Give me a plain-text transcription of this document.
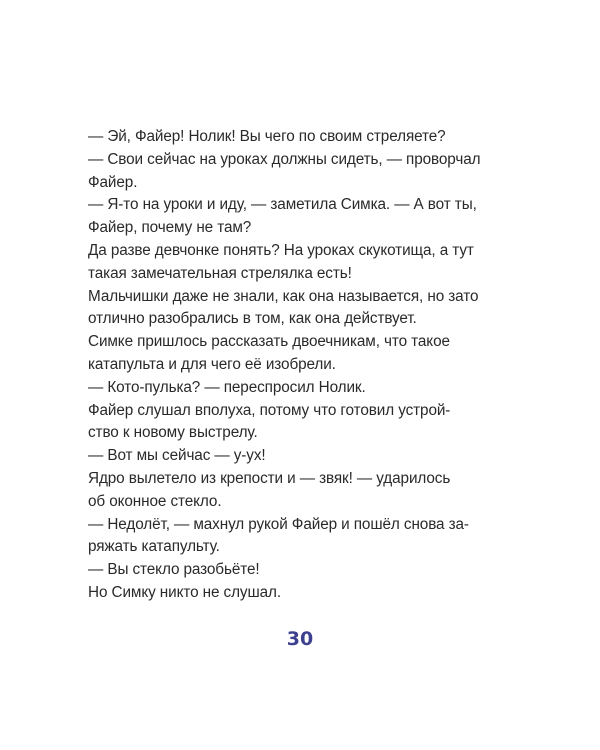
— Эй, Файер! Нолик! Вы чего по своим стреляете?

— Свои сейчас на уроках должны сидеть, — проворчал
Файер.

— Я-то на уроки и иду, — заметила Симка. — А вот ты,
Файер, почему не там?

Да разве девчонке понять? На уроках скукотища, а тут
такая замечательная стрелялка есть!

Мальчишки даже не знали, как она называется, но зато
отлично разобрались в том, как она действует.

Симке пришлось рассказать двоечникам, что такое
катапульта и для чего её изобрели.

— Кото-пулька? — переспросил Нолик.

Файер слушал вполуха, потому что готовил устрой-
ство к новому выстрелу.

— Вот мы сейчас — у-ух!

Ядро вылетело из крепости и — звяк! — ударилось
об оконное стекло.

— Недолёт, — махнул рукой Файер и пошёл снова за-
ряжать катапульту.

— Вы стекло разобьёте!

Но Симку никто не слушал.

30
